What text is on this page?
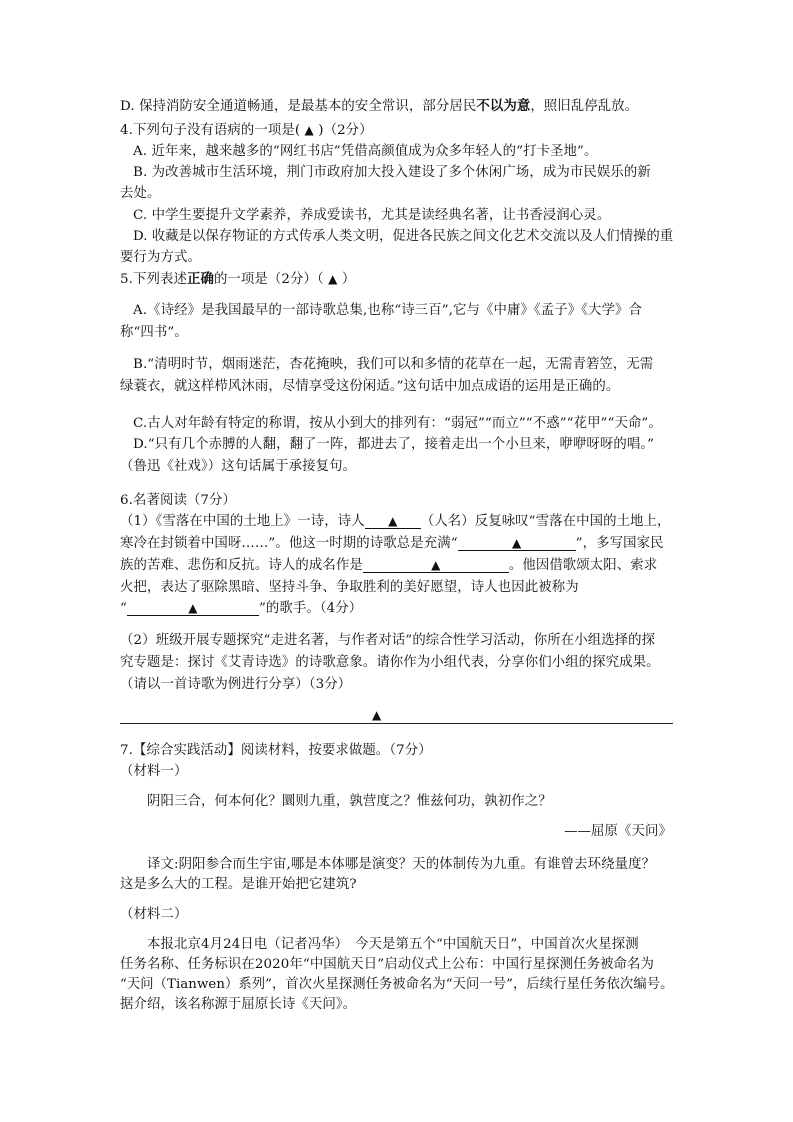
D. 保持消防安全通道畅通，是最基本的安全常识，部分居民不以为意，照旧乱停乱放。
4.下列句子没有语病的一项是( ▲ )（2分）
A. 近年来，越来越多的“网红书店”凭借高颜值成为众多年轻人的“打卡圣地”。
B. 为改善城市生活环境，荆门市政府加大投入建设了多个休闲广场，成为市民娱乐的新
去处。
C. 中学生要提升文学素养，养成爱读书，尤其是读经典名著，让书香浸润心灵。
D. 收藏是以保存物证的方式传承人类文明，促进各民族之间文化艺术交流以及人们情操的重
要行为方式。
5.下列表述正确的一项是（2分）（ ▲ ）
A.《诗经》是我国最早的一部诗歌总集,也称“诗三百”,它与《中庸》《孟子》《大学》合
称“四书”。
B.“清明时节，烟雨迷茫，杏花掩映，我们可以和多情的花草在一起，无需青箬笠，无需
绿蓑衣，就这样栉风沐雨，尽情享受这份闲适。”这句话中加点成语的运用是正确的。
C.古人对年龄有特定的称谓，按从小到大的排列有：“弱冠”“而立”“不惑”“花甲”“天命”。
D.“只有几个赤膊的人翻，翻了一阵，都进去了，接着走出一个小旦来，咿咿呀呀的唱。”
（鲁迅《社戏》）这句话属于承接复句。
6.名著阅读（7分）
（1）《雪落在中国的土地上》一诗，诗人 ▲ （人名）反复咏叹“雪落在中国的土地上，
寒冷在封锁着中国呀……”。他这一时期的诗歌总是充满“	▲	”，多写国家民
族的苦难、悲伤和反抗。诗人的成名作是	▲	。他因借歌颂太阳、索求
火把，表达了驱除黑暗、坚持斗争、争取胜利的美好愿望，诗人也因此被称为
“	▲	”的歌手。（4分）
（2）班级开展专题探究“走进名著，与作者对话”的综合性学习活动，你所在小组选择的探
究专题是：探讨《艾青诗选》的诗歌意象。请你作为小组代表，分享你们小组的探究成果。
（请以一首诗歌为例进行分享）（3分）
▲
7.【综合实践活动】阅读材料，按要求做题。（7分）
（材料一）
阴阳三合，何本何化？圜则九重，孰营度之？惟兹何功，孰初作之？
——屈原《天问》
译文:阴阳参合而生宇宙,哪是本体哪是演变？天的体制传为九重。有谁曾去环绕量度？
这是多么大的工程。是谁开始把它建筑?
（材料二）
本报北京4月24日电（记者冯华）　今天是第五个“中国航天日”，中国首次火星探测
任务名称、任务标识在2020年“中国航天日”启动仪式上公布：中国行星探测任务被命名为
“天问（Tianwen）系列”，首次火星探测任务被命名为“天问一号”，后续行星任务依次编号。
据介绍，该名称源于屈原长诗《天问》。
